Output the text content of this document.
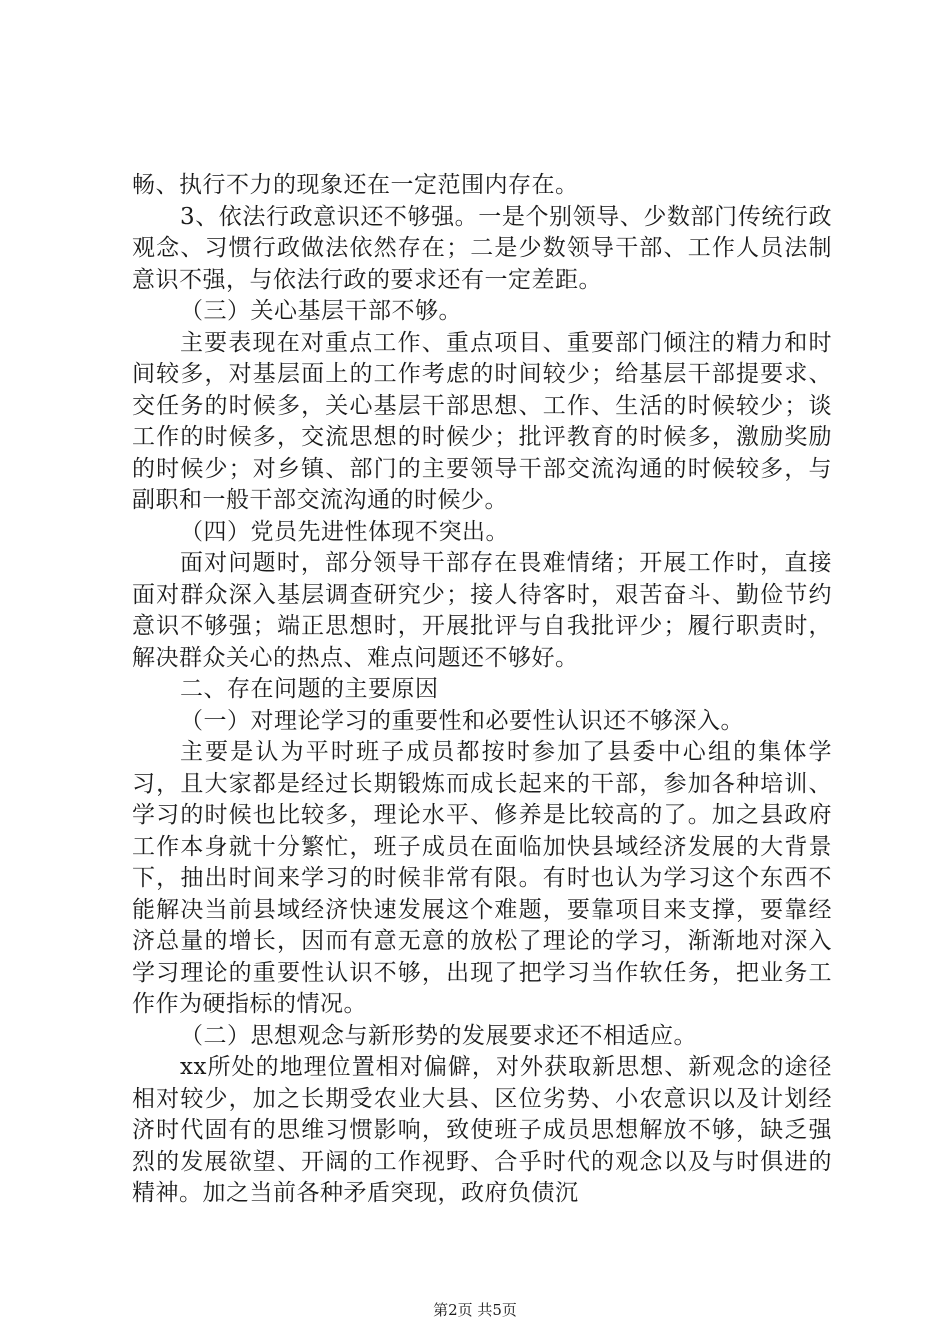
畅、执行不力的现象还在一定范围内存在。

3、依法行政意识还不够强。一是个别领导、少数部门传统行政观念、习惯行政做法依然存在；二是少数领导干部、工作人员法制意识不强，与依法行政的要求还有一定差距。

（三）关心基层干部不够。

主要表现在对重点工作、重点项目、重要部门倾注的精力和时间较多，对基层面上的工作考虑的时间较少；给基层干部提要求、交任务的时候多，关心基层干部思想、工作、生活的时候较少；谈工作的时候多，交流思想的时候少；批评教育的时候多，激励奖励的时候少；对乡镇、部门的主要领导干部交流沟通的时候较多，与副职和一般干部交流沟通的时候少。

（四）党员先进性体现不突出。

面对问题时，部分领导干部存在畏难情绪；开展工作时，直接面对群众深入基层调查研究少；接人待客时，艰苦奋斗、勤俭节约意识不够强；端正思想时，开展批评与自我批评少；履行职责时，解决群众关心的热点、难点问题还不够好。

二、存在问题的主要原因

（一）对理论学习的重要性和必要性认识还不够深入。

主要是认为平时班子成员都按时参加了县委中心组的集体学习，且大家都是经过长期锻炼而成长起来的干部，参加各种培训、学习的时候也比较多，理论水平、修养是比较高的了。加之县政府工作本身就十分繁忙，班子成员在面临加快县域经济发展的大背景下，抽出时间来学习的时候非常有限。有时也认为学习这个东西不能解决当前县域经济快速发展这个难题，要靠项目来支撑，要靠经济总量的增长，因而有意无意的放松了理论的学习，渐渐地对深入学习理论的重要性认识不够，出现了把学习当作软任务，把业务工作作为硬指标的情况。

（二）思想观念与新形势的发展要求还不相适应。

xx所处的地理位置相对偏僻，对外获取新思想、新观念的途径相对较少，加之长期受农业大县、区位劣势、小农意识以及计划经济时代固有的思维习惯影响，致使班子成员思想解放不够，缺乏强烈的发展欲望、开阔的工作视野、合乎时代的观念以及与时俱进的精神。加之当前各种矛盾突现，政府负债沉

第2页 共5页
